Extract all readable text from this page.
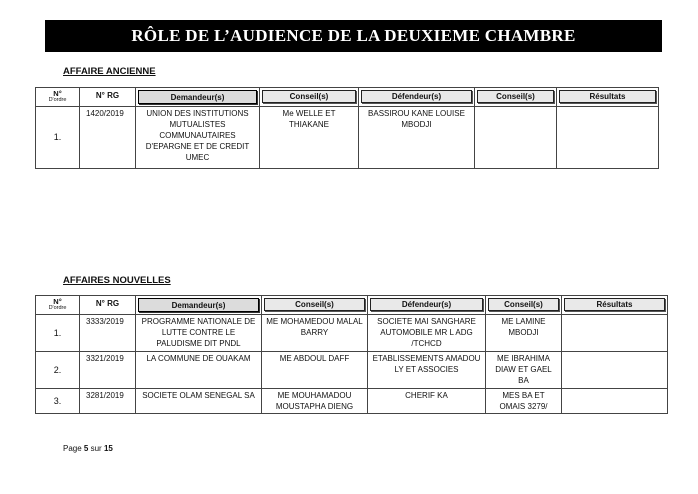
RÔLE DE L’AUDIENCE DE LA DEUXIEME CHAMBRE
AFFAIRE ANCIENNE
N°
D'ordre	N° RG	Demandeur(s)	Conseil(s)	Défendeur(s)	Conseil(s)	Résultats

1.	1420/2019	UNION DES INSTITUTIONS MUTUALISTES COMMUNAUTAIRES D'EPARGNE ET DE CREDIT UMEC	Me WELLE ET THIAKANE	BASSIROU KANE LOUISE MBODJI		
AFFAIRES NOUVELLES
N°
D'ordre	N° RG	Demandeur(s)	Conseil(s)	Défendeur(s)	Conseil(s)	Résultats

1.	3333/2019	PROGRAMME NATIONALE DE LUTTE CONTRE LE PALUDISME DIT PNDL	ME MOHAMEDOU MALAL BARRY	SOCIETE MAI SANGHARE AUTOMOBILE MR L ADG /TCHCD	ME LAMINE MBODJI	
2.	3321/2019	LA COMMUNE DE OUAKAM	ME ABDOUL DAFF	ETABLISSEMENTS AMADOU LY ET ASSOCIES	ME IBRAHIMA DIAW ET GAEL BA	
3.	3281/2019	SOCIETE OLAM SENEGAL SA	ME MOUHAMADOU MOUSTAPHA DIENG	CHERIF KA	MES BA ET OMAIS 3279/	
Page 5 sur 15
